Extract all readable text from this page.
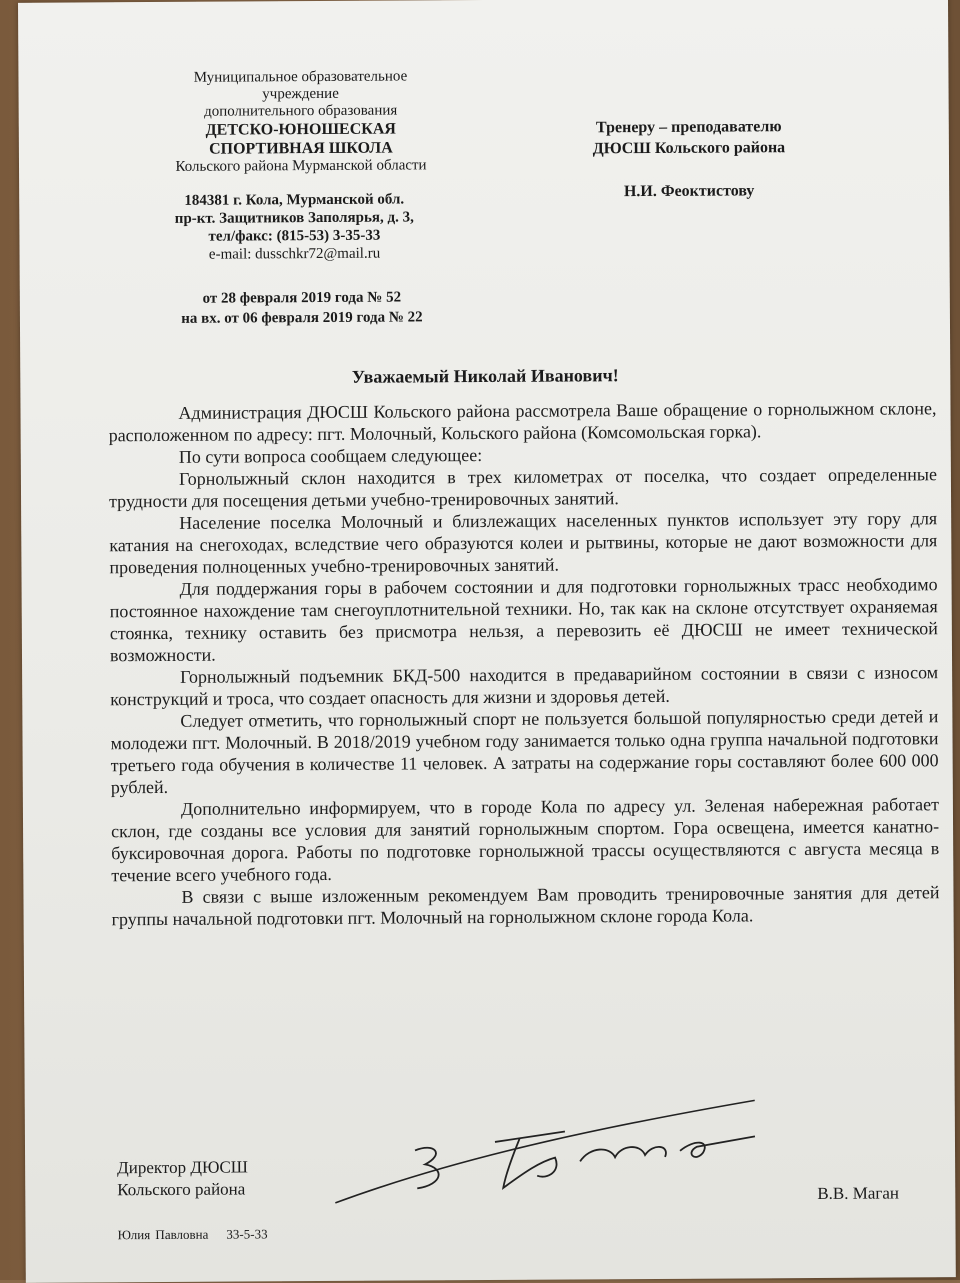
Муниципальное образовательное
учреждение
дополнительного образования
ДЕТСКО-ЮНОШЕСКАЯ
СПОРТИВНАЯ ШКОЛА
Кольского района Мурманской области
184381 г. Кола, Мурманской обл.
пр-кт. Защитников Заполярья, д. 3,
тел/факс: (815-53) 3-35-33
e-mail: dusschkr72@mail.ru
от 28 февраля 2019 года № 52
на вх. от 06 февраля 2019 года № 22
Тренеру – преподавателю
ДЮСШ Кольского района
Н.И. Феоктистову
Уважаемый Николай Иванович!

Администрация ДЮСШ Кольского района рассмотрела Ваше обращение о горнолыжном склоне, расположенном по адресу: пгт. Молочный, Кольского района (Комсомольская горка).

По сути вопроса сообщаем следующее:

Горнолыжный склон находится в трех километрах от поселка, что создает определенные трудности для посещения детьми учебно-тренировочных занятий.

Население поселка Молочный и близлежащих населенных пунктов использует эту гору для катания на снегоходах, вследствие чего образуются колеи и рытвины, которые не дают возможности для проведения полноценных учебно-тренировочных занятий.

Для поддержания горы в рабочем состоянии и для подготовки горнолыжных трасс необходимо постоянное нахождение там снегоуплотнительной техники. Но, так как на склоне отсутствует охраняемая стоянка, технику оставить без присмотра нельзя, а перевозить её ДЮСШ не имеет технической возможности.

Горнолыжный подъемник БКД-500 находится в предаварийном состоянии в связи с износом конструкций и троса, что создает опасность для жизни и здоровья детей.

Следует отметить, что горнолыжный спорт не пользуется большой популярностью среди детей и молодежи пгт. Молочный. В 2018/2019 учебном году занимается только одна группа начальной подготовки третьего года обучения в количестве 11 человек. А затраты на содержание горы составляют более 600 000 рублей.

Дополнительно информируем, что в городе Кола по адресу ул. Зеленая набережная работает склон, где созданы все условия для занятий горнолыжным спортом. Гора освещена, имеется канатно-буксировочная дорога. Работы по подготовке горнолыжной трассы осуществляются с августа месяца в течение всего учебного года.

В связи с выше изложенным рекомендуем Вам проводить тренировочные занятия для детей группы начальной подготовки пгт. Молочный на горнолыжном склоне города Кола.

Директор ДЮСШ
Кольского района	В.В. Маган
Юлия Павловна 33-5-33
